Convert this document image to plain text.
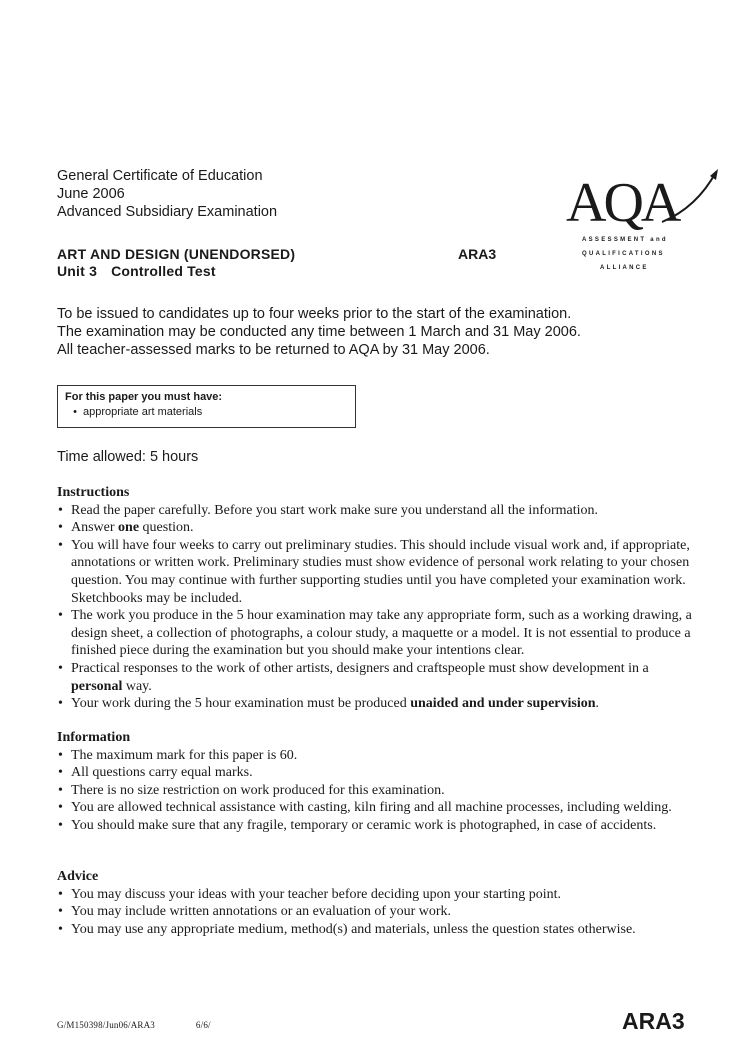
General Certificate of Education
June 2006
Advanced Subsidiary Examination
ART AND DESIGN (UNENDORSED)
Unit 3 Controlled Test
ARA3
AQA
ASSESSMENT and
QUALIFICATIONS
ALLIANCE
To be issued to candidates up to four weeks prior to the start of the examination.
The examination may be conducted any time between 1 March and 31 May 2006.
All teacher-assessed marks to be returned to AQA by 31 May 2006.
For this paper you must have:
• appropriate art materials
Time allowed: 5 hours
Instructions
• Read the paper carefully. Before you start work make sure you understand all the information.
• Answer one question.
• You will have four weeks to carry out preliminary studies. This should include visual work and, if appropriate, annotations or written work. Preliminary studies must show evidence of personal work relating to your chosen question. You may continue with further supporting studies until you have completed your examination work. Sketchbooks may be included.
• The work you produce in the 5 hour examination may take any appropriate form, such as a working drawing, a design sheet, a collection of photographs, a colour study, a maquette or a model. It is not essential to produce a finished piece during the examination but you should make your intentions clear.
• Practical responses to the work of other artists, designers and craftspeople must show development in a personal way.
• Your work during the 5 hour examination must be produced unaided and under supervision.
Information
• The maximum mark for this paper is 60.
• All questions carry equal marks.
• There is no size restriction on work produced for this examination.
• You are allowed technical assistance with casting, kiln firing and all machine processes, including welding.
• You should make sure that any fragile, temporary or ceramic work is photographed, in case of accidents.
Advice
• You may discuss your ideas with your teacher before deciding upon your starting point.
• You may include written annotations or an evaluation of your work.
• You may use any appropriate medium, method(s) and materials, unless the question states otherwise.
G/M150398/Jun06/ARA3	6/6/	ARA3
